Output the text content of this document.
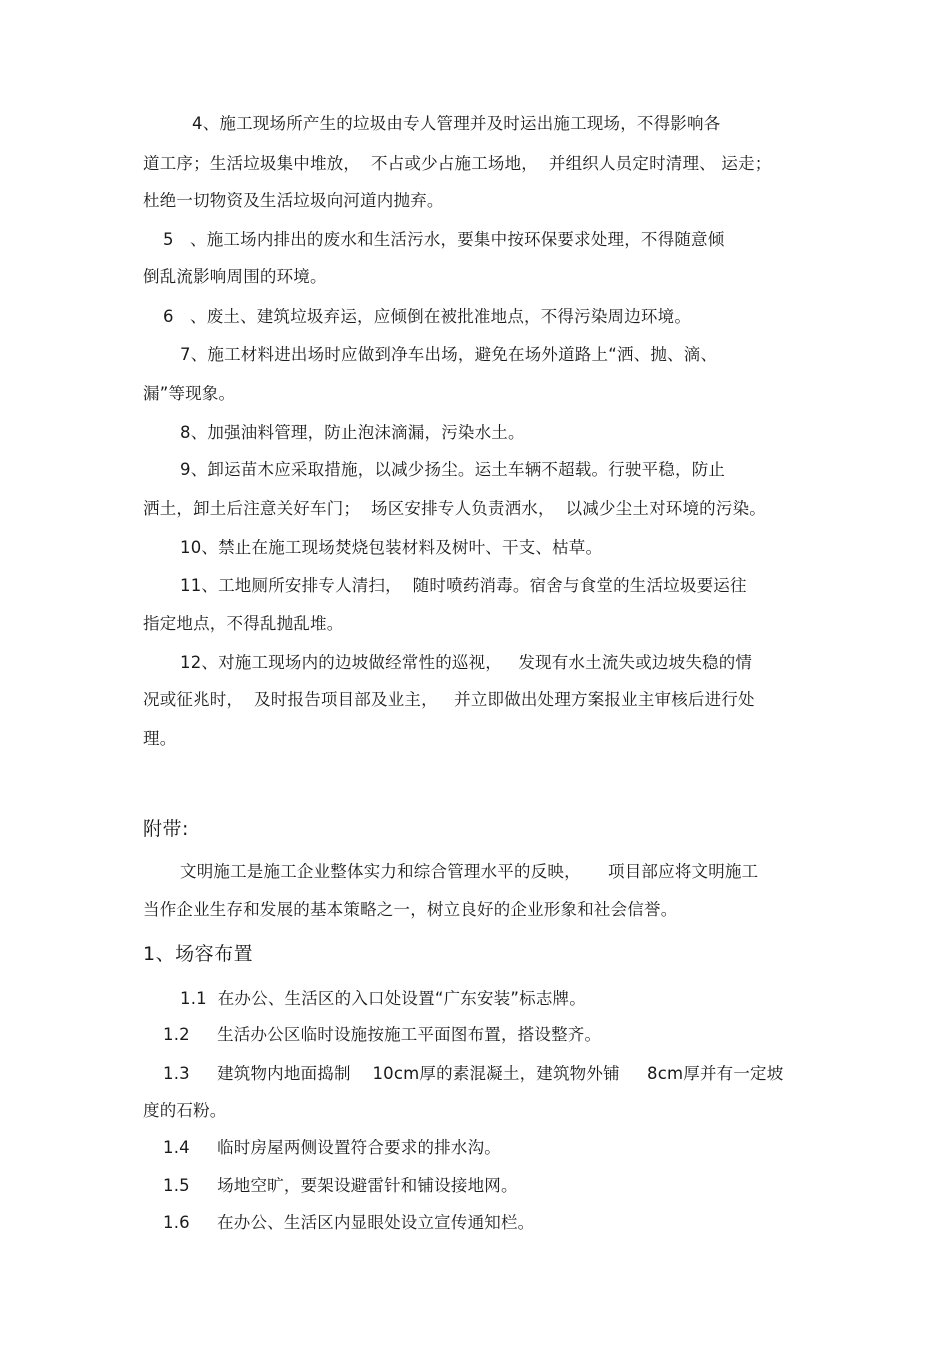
4、施工现场所产生的垃圾由专人管理并及时运出施工现场，不得影响各
道工序；生活垃圾集中堆放，  不占或少占施工场地，  并组织人员定时清理、 运走；
杜绝一切物资及生活垃圾向河道内抛弃。
5   、施工场内排出的废水和生活污水，要集中按环保要求处理，不得随意倾
倒乱流影响周围的环境。
6   、废土、建筑垃圾弃运，应倾倒在被批准地点，不得污染周边环境。
7、施工材料进出场时应做到净车出场，避免在场外道路上“洒、抛、滴、
漏”等现象。
8、加强油料管理，防止泡沫滴漏，污染水土。
9、卸运苗木应采取措施，以减少扬尘。运土车辆不超载。行驶平稳，防止
洒土，卸土后注意关好车门；  场区安排专人负责洒水，  以减少尘土对环境的污染。
10、禁止在施工现场焚烧包装材料及树叶、干支、枯草。
11、工地厕所安排专人清扫，  随时喷药消毒。宿舍与食堂的生活垃圾要运往
指定地点，不得乱抛乱堆。
12、对施工现场内的边坡做经常性的巡视，   发现有水土流失或边坡失稳的情
况或征兆时，  及时报告项目部及业主，   并立即做出处理方案报业主审核后进行处
理。
附带:
文明施工是施工企业整体实力和综合管理水平的反映，     项目部应将文明施工
当作企业生存和发展的基本策略之一，树立良好的企业形象和社会信誉。
1、场容布置
1.1  在办公、生活区的入口处设置“广东安装”标志牌。
1.2     生活办公区临时设施按施工平面图布置，搭设整齐。
1.3     建筑物内地面捣制    10cm厚的素混凝土，建筑物外铺     8cm厚并有一定坡
度的石粉。
1.4     临时房屋两侧设置符合要求的排水沟。
1.5     场地空旷，要架设避雷针和铺设接地网。
1.6     在办公、生活区内显眼处设立宣传通知栏。
